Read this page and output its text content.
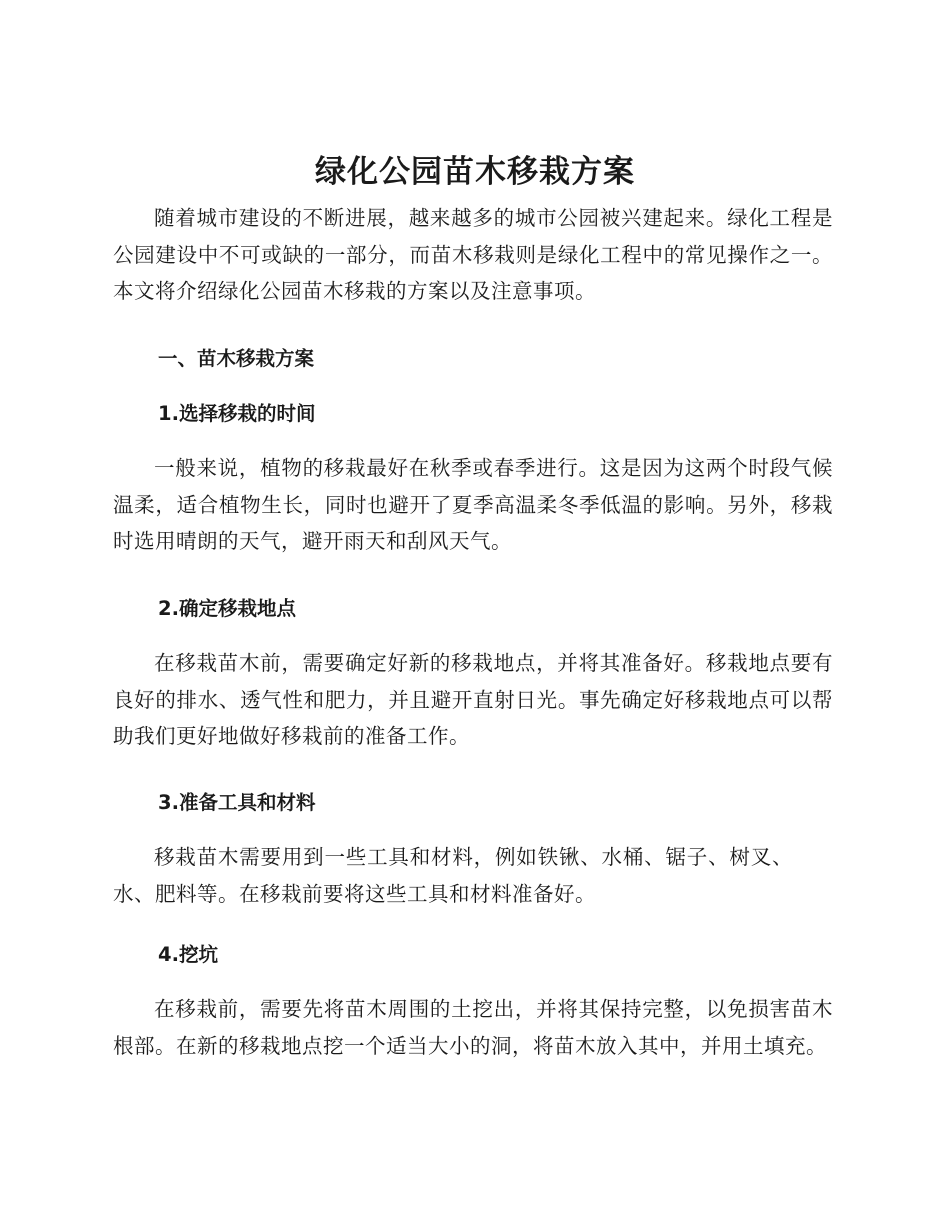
绿化公园苗木移栽方案

随着城市建设的不断进展，越来越多的城市公园被兴建起来。绿化工程是公园建设中不可或缺的一部分，而苗木移栽则是绿化工程中的常见操作之一。本文将介绍绿化公园苗木移栽的方案以及注意事项。

一、苗木移栽方案
1.选择移栽的时间

一般来说，植物的移栽最好在秋季或春季进行。这是因为这两个时段气候温柔，适合植物生长，同时也避开了夏季高温柔冬季低温的影响。另外，移栽时选用晴朗的天气，避开雨天和刮风天气。

2.确定移栽地点

在移栽苗木前，需要确定好新的移栽地点，并将其准备好。移栽地点要有良好的排水、透气性和肥力，并且避开直射日光。事先确定好移栽地点可以帮助我们更好地做好移栽前的准备工作。

3.准备工具和材料

移栽苗木需要用到一些工具和材料，例如铁锹、水桶、锯子、树叉、水、肥料等。在移栽前要将这些工具和材料准备好。

4.挖坑

在移栽前，需要先将苗木周围的土挖出，并将其保持完整，以免损害苗木根部。在新的移栽地点挖一个适当大小的洞，将苗木放入其中，并用土填充。
